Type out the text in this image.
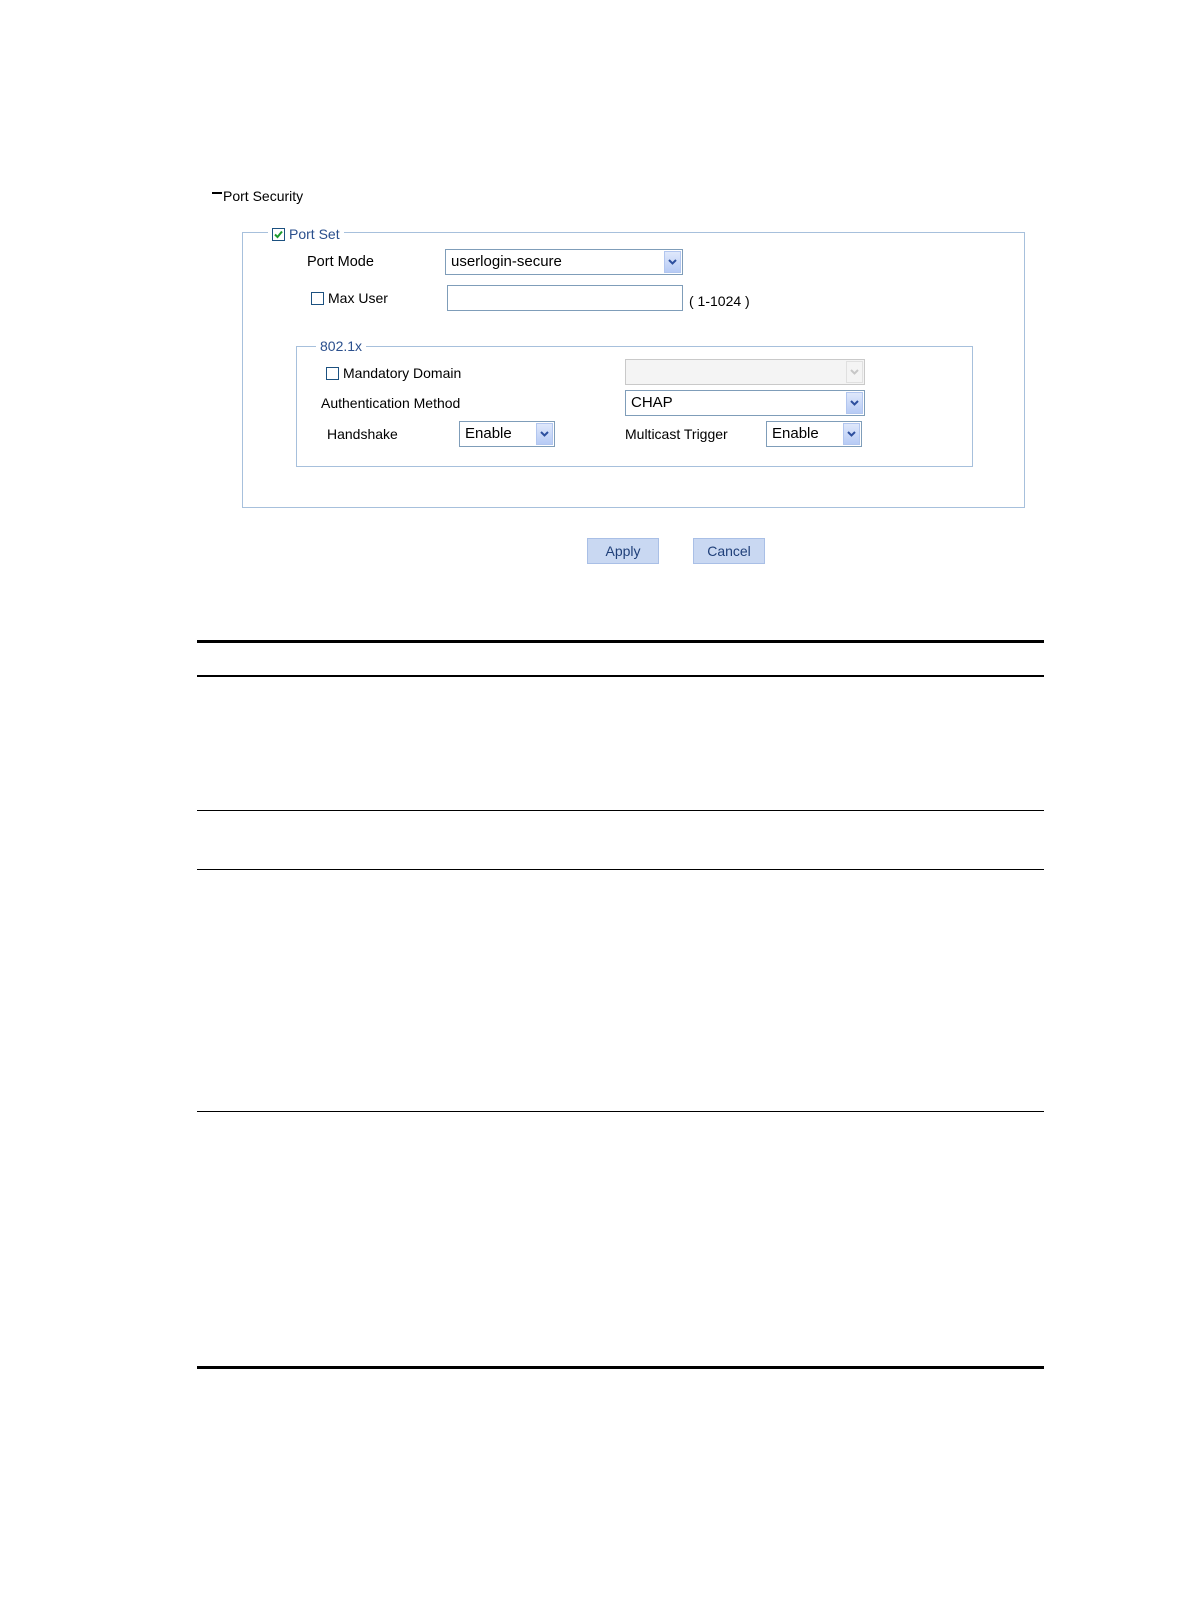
Port Security
Port Set
Port Mode	userlogin-secure
Max User	( 1-1024 )
802.1x
Mandatory Domain
Authentication Method	CHAP
Handshake	Enable	Multicast Trigger	Enable
Apply	Cancel
